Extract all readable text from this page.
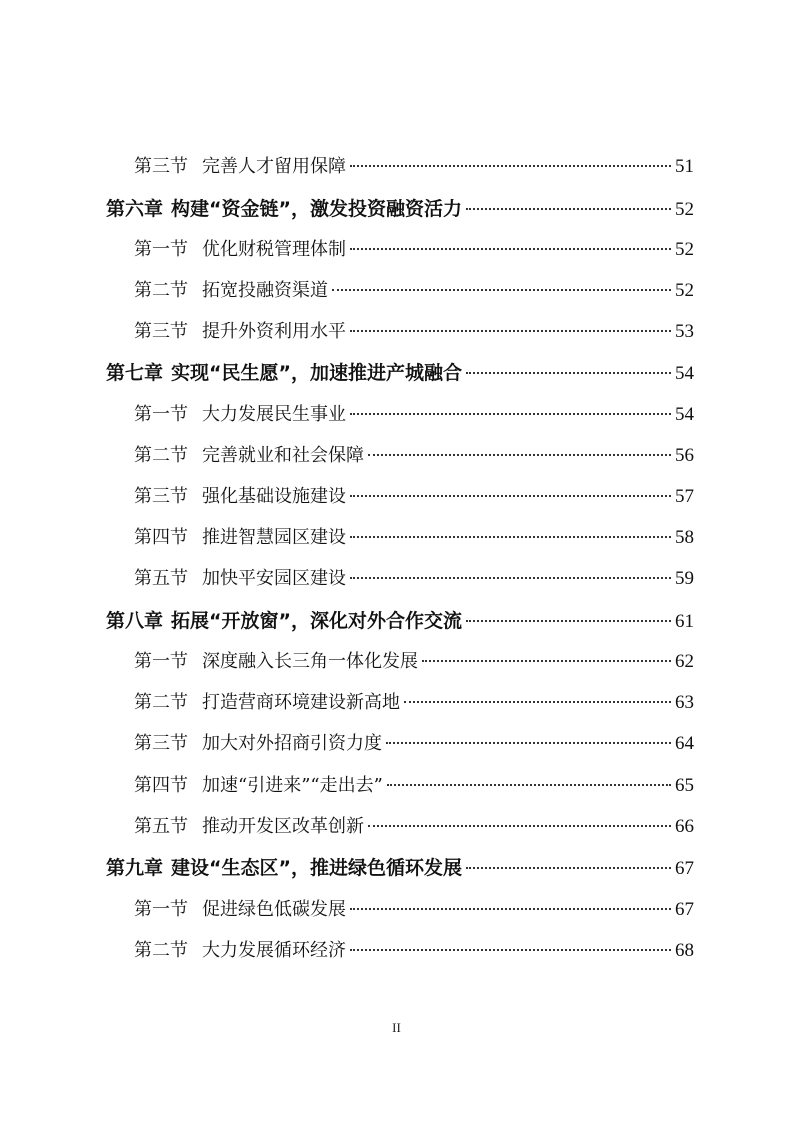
第三节 完善人才留用保障	51
第六章 构建“资金链”，激发投资融资活力	52
第一节 优化财税管理体制	52
第二节 拓宽投融资渠道	52
第三节 提升外资利用水平	53
第七章 实现“民生愿”，加速推进产城融合	54
第一节 大力发展民生事业	54
第二节 完善就业和社会保障	56
第三节 强化基础设施建设	57
第四节 推进智慧园区建设	58
第五节 加快平安园区建设	59
第八章 拓展“开放窗”，深化对外合作交流	61
第一节 深度融入长三角一体化发展	62
第二节 打造营商环境建设新高地	63
第三节 加大对外招商引资力度	64
第四节 加速“引进来”“走出去”	65
第五节 推动开发区改革创新	66
第九章 建设“生态区”，推进绿色循环发展	67
第一节 促进绿色低碳发展	67
第二节 大力发展循环经济	68
II
